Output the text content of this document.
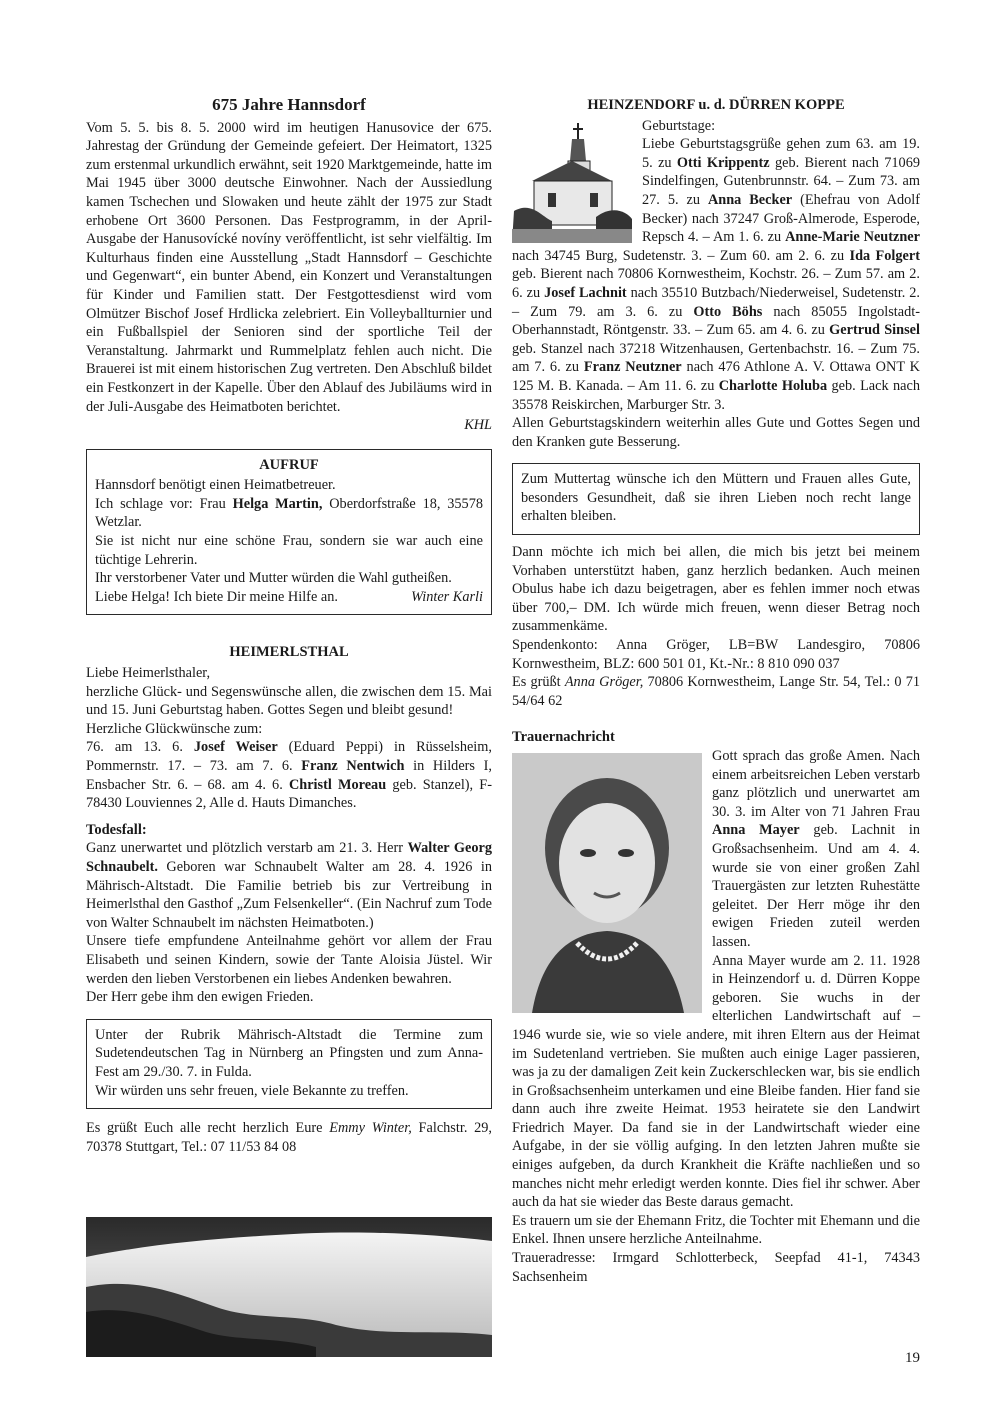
675 Jahre Hannsdorf

Vom 5. 5. bis 8. 5. 2000 wird im heutigen Hanusovice der 675. Jahrestag der Gründung der Gemeinde gefeiert. Der Heimatort, 1325 zum erstenmal urkundlich erwähnt, seit 1920 Marktgemeinde, hatte im Mai 1945 über 3000 deutsche Einwohner. Nach der Aussiedlung kamen Tschechen und Slowaken und heute zählt der 1975 zur Stadt erhobene Ort 3600 Personen. Das Festprogramm, in der April-Ausgabe der Hanusovícké novíny veröffentlicht, ist sehr vielfältig. Im Kulturhaus finden eine Ausstellung „Stadt Hannsdorf – Geschichte und Gegenwart“, ein bunter Abend, ein Konzert und Veranstaltungen für Kinder und Familien statt. Der Festgottesdienst wird vom Olmützer Bischof Josef Hrdlicka zelebriert. Ein Volleyballturnier und ein Fußballspiel der Senioren sind der sportliche Teil der Veranstaltung. Jahrmarkt und Rummelplatz fehlen auch nicht. Die Brauerei ist mit einem historischen Zug vertreten. Den Abschluß bildet ein Festkonzert in der Kapelle. Über den Ablauf des Jubiläums wird in der Juli-Ausgabe des Heimatboten berichtet.

KHL

AUFRUF

Hannsdorf benötigt einen Heimatbetreuer.

Ich schlage vor: Frau Helga Martin, Oberdorfstraße 18, 35578 Wetzlar.

Sie ist nicht nur eine schöne Frau, sondern sie war auch eine tüchtige Lehrerin.

Ihr verstorbener Vater und Mutter würden die Wahl gutheißen.

Liebe Helga! Ich biete Dir meine Hilfe an.	Winter Karli

HEIMERLSTHAL

Liebe Heimerlsthaler,

herzliche Glück- und Segenswünsche allen, die zwischen dem 15. Mai und 15. Juni Geburtstag haben. Gottes Segen und bleibt gesund!

Herzliche Glückwünsche zum:

76. am 13. 6. Josef Weiser (Eduard Peppi) in Rüsselsheim, Pommernstr. 17. – 73. am 7. 6. Franz Nentwich in Hilders I, Ensbacher Str. 6. – 68. am 4. 6. Christl Moreau geb. Stanzel), F-78430 Louviennes 2, Alle d. Hauts Dimanches.

Todesfall:

Ganz unerwartet und plötzlich verstarb am 21. 3. Herr Walter Georg Schnaubelt. Geboren war Schnaubelt Walter am 28. 4. 1926 in Mährisch-Altstadt. Die Familie betrieb bis zur Vertreibung in Heimerlsthal den Gasthof „Zum Felsenkeller“. (Ein Nachruf zum Tode von Walter Schnaubelt im nächsten Heimatboten.)

Unsere tiefe empfundene Anteilnahme gehört vor allem der Frau Elisabeth und seinen Kindern, sowie der Tante Aloisia Jüstel. Wir werden den lieben Verstorbenen ein liebes Andenken bewahren.

Der Herr gebe ihm den ewigen Frieden.

Unter der Rubrik Mährisch-Altstadt die Termine zum Sudetendeutschen Tag in Nürnberg an Pfingsten und zum Anna-Fest am 29./30. 7. in Fulda.

Wir würden uns sehr freuen, viele Bekannte zu treffen.

Es grüßt Euch alle recht herzlich Eure Emmy Winter, Falchstr. 29, 70378 Stuttgart, Tel.: 07 11/53 84 08

HEINZENDORF u. d. DÜRREN KOPPE

Geburtstage:

Liebe Geburtstagsgrüße gehen zum 63. am 19. 5. zu Otti Krippentz geb. Bierent nach 71069 Sindelfingen, Gutenbrunnstr. 64. – Zum 73. am 27. 5. zu Anna Becker (Ehefrau von Adolf Becker) nach 37247 Groß-Almerode, Esperode, Repsch 4. – Am 1. 6. zu Anne-Marie Neutzner nach 34745 Burg, Sudetenstr. 3. – Zum 60. am 2. 6. zu Ida Folgert geb. Bierent nach 70806 Kornwestheim, Kochstr. 26. – Zum 57. am 2. 6. zu Josef Lachnit nach 35510 Butzbach/Niederweisel, Sudetenstr. 2. – Zum 79. am 3. 6. zu Otto Böhs nach 85055 Ingolstadt-Oberhannstadt, Röntgenstr. 33. – Zum 65. am 4. 6. zu Gertrud Sinsel geb. Stanzel nach 37218 Witzenhausen, Gertenbachstr. 16. – Zum 75. am 7. 6. zu Franz Neutzner nach 476 Athlone A. V. Ottawa ONT K 125 M. B. Kanada. – Am 11. 6. zu Charlotte Holuba geb. Lack nach 35578 Reiskirchen, Marburger Str. 3.

Allen Geburtstagskindern weiterhin alles Gute und Gottes Segen und den Kranken gute Besserung.

Zum Muttertag wünsche ich den Müttern und Frauen alles Gute, besonders Gesundheit, daß sie ihren Lieben noch recht lange erhalten bleiben.

Dann möchte ich mich bei allen, die mich bis jetzt bei meinem Vorhaben unterstützt haben, ganz herzlich bedanken. Auch meinen Obulus habe ich dazu beigetragen, aber es fehlen immer noch etwas über 700,– DM. Ich würde mich freuen, wenn dieser Betrag noch zusammenkäme.

Spendenkonto: Anna Gröger, LB=BW Landesgiro, 70806 Kornwestheim, BLZ: 600 501 01, Kt.-Nr.: 8 810 090 037

Es grüßt Anna Gröger, 70806 Kornwestheim, Lange Str. 54, Tel.: 0 71 54/64 62

Trauernachricht

Gott sprach das große Amen. Nach einem arbeitsreichen Leben verstarb ganz plötzlich und unerwartet am 30. 3. im Alter von 71 Jahren Frau Anna Mayer geb. Lachnit in Großsachsenheim. Und am 4. 4. wurde sie von einer großen Zahl Trauergästen zur letzten Ruhestätte geleitet. Der Herr möge ihr den ewigen Frieden zuteil werden lassen.

Anna Mayer wurde am 2. 11. 1928 in Heinzendorf u. d. Dürren Koppe geboren. Sie wuchs in der elterlichen Landwirtschaft auf – 1946 wurde sie, wie so viele andere, mit ihren Eltern aus der Heimat im Sudetenland vertrieben. Sie mußten auch einige Lager passieren, was ja zu der damaligen Zeit kein Zuckerschlecken war, bis sie endlich in Großsachsenheim unterkamen und eine Bleibe fanden. Hier fand sie dann auch ihre zweite Heimat. 1953 heiratete sie den Landwirt Friedrich Mayer. Da fand sie in der Landwirtschaft wieder eine Aufgabe, in der sie völlig aufging. In den letzten Jahren mußte sie einiges aufgeben, da durch Krankheit die Kräfte nachließen und so manches nicht mehr erledigt werden konnte. Dies fiel ihr schwer. Aber auch da hat sie wieder das Beste daraus gemacht.

Es trauern um sie der Ehemann Fritz, die Tochter mit Ehemann und die Enkel. Ihnen unsere herzliche Anteilnahme.

Traueradresse: Irmgard Schlotterbeck, Seepfad 41-1, 74343 Sachsenheim

19
